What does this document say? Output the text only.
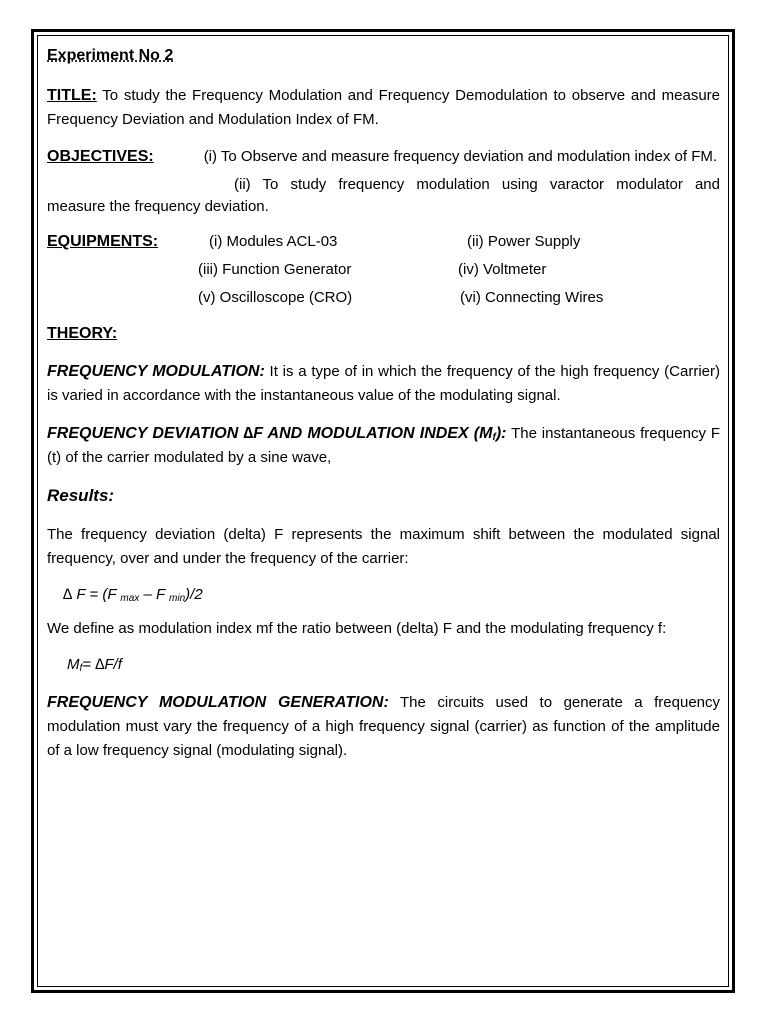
Experiment No 2

TITLE: To study the Frequency Modulation and Frequency Demodulation to observe and measure Frequency Deviation and Modulation Index of FM.

OBJECTIVES:	(i) To Observe and measure frequency deviation and modulation index of FM.

(ii) To study frequency modulation using varactor modulator and

measure the frequency deviation.

EQUIPMENTS:	(i) Modules ACL-03	(ii) Power Supply
(iii) Function Generator	(iv) Voltmeter
(v) Oscilloscope (CRO)	(vi) Connecting Wires

THEORY:

FREQUENCY MODULATION: It is a type of in which the frequency of the high frequency (Carrier) is varied in accordance with the instantaneous value of the modulating signal.

FREQUENCY DEVIATION ∆F AND MODULATION INDEX $(M_f)$: The instantaneous frequency F (t) of the carrier modulated by a sine wave,

Results:

The frequency deviation (delta) F represents the maximum shift between the modulated signal frequency, over and under the frequency of the carrier:

∆ F = (F $_{max}$ – F $_{min}$)/2

We define as modulation index mf the ratio between (delta) F and the modulating frequency f:

$M_f= \Delta F/f$

FREQUENCY MODULATION GENERATION: The circuits used to generate a frequency modulation must vary the frequency of a high frequency signal (carrier) as function of the amplitude of a low frequency signal (modulating signal).
